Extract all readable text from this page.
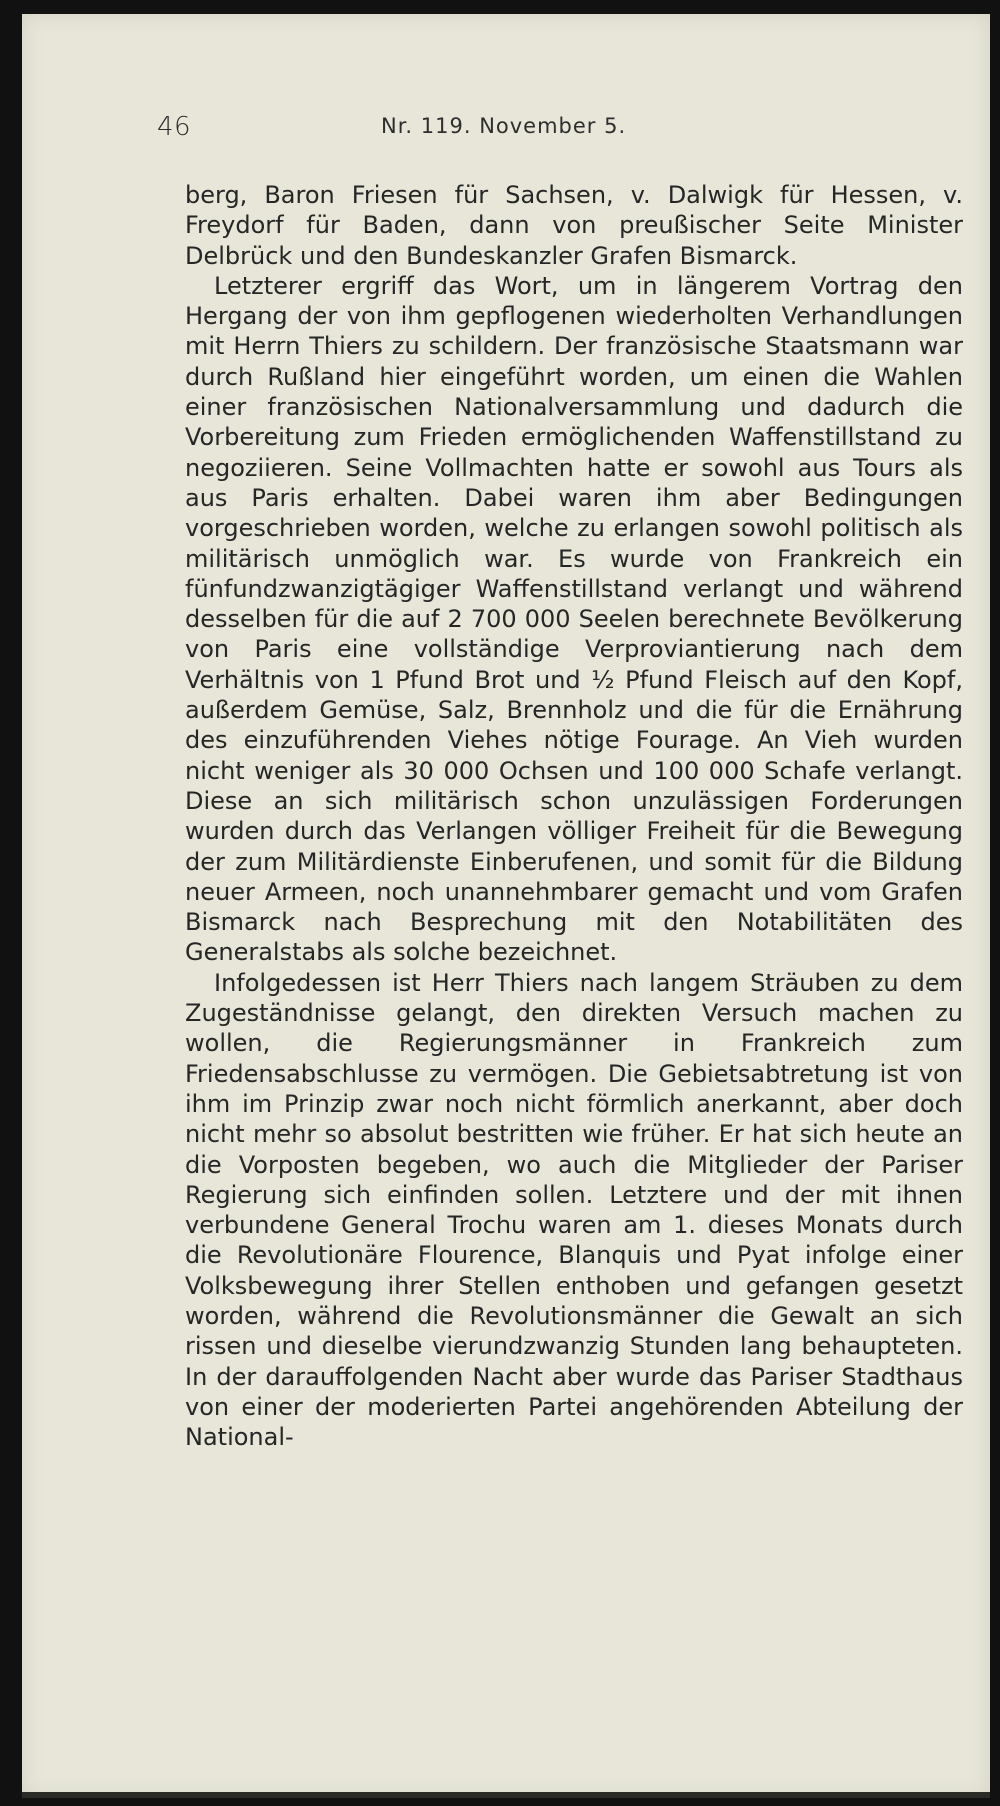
46	Nr. 119. November 5.

berg, Baron Friesen für Sachsen, v. Dalwigk für Hessen, v. Freydorf für Baden, dann von preußischer Seite Minister Delbrück und den Bundeskanzler Grafen Bismarck.

Letzterer ergriff das Wort, um in längerem Vortrag den Hergang der von ihm gepflogenen wiederholten Verhandlungen mit Herrn Thiers zu schildern. Der französische Staatsmann war durch Rußland hier eingeführt worden, um einen die Wahlen einer französischen Nationalversammlung und dadurch die Vorbereitung zum Frieden ermöglichenden Waffenstillstand zu negoziieren. Seine Vollmachten hatte er sowohl aus Tours als aus Paris erhalten. Dabei waren ihm aber Bedingungen vorgeschrieben worden, welche zu erlangen sowohl politisch als militärisch unmöglich war. Es wurde von Frankreich ein fünfundzwanzigtägiger Waffenstillstand verlangt und während desselben für die auf 2 700 000 Seelen berechnete Bevölkerung von Paris eine vollständige Verproviantierung nach dem Verhältnis von 1 Pfund Brot und ½ Pfund Fleisch auf den Kopf, außerdem Gemüse, Salz, Brennholz und die für die Ernährung des einzuführenden Viehes nötige Fourage. An Vieh wurden nicht weniger als 30 000 Ochsen und 100 000 Schafe verlangt. Diese an sich militärisch schon unzulässigen Forderungen wurden durch das Verlangen völliger Freiheit für die Bewegung der zum Militärdienste Einberufenen, und somit für die Bildung neuer Armeen, noch unannehmbarer gemacht und vom Grafen Bismarck nach Besprechung mit den Notabilitäten des Generalstabs als solche bezeichnet.

Infolgedessen ist Herr Thiers nach langem Sträuben zu dem Zugeständnisse gelangt, den direkten Versuch machen zu wollen, die Regierungsmänner in Frankreich zum Friedensabschlusse zu vermögen. Die Gebietsabtretung ist von ihm im Prinzip zwar noch nicht förmlich anerkannt, aber doch nicht mehr so absolut bestritten wie früher. Er hat sich heute an die Vorposten begeben, wo auch die Mitglieder der Pariser Regierung sich einfinden sollen. Letztere und der mit ihnen verbundene General Trochu waren am 1. dieses Monats durch die Revolutionäre Flourence, Blanquis und Pyat infolge einer Volksbewegung ihrer Stellen enthoben und gefangen gesetzt worden, während die Revolutionsmänner die Gewalt an sich rissen und dieselbe vierundzwanzig Stunden lang behaupteten. In der darauffolgenden Nacht aber wurde das Pariser Stadthaus von einer der moderierten Partei angehörenden Abteilung der National-
